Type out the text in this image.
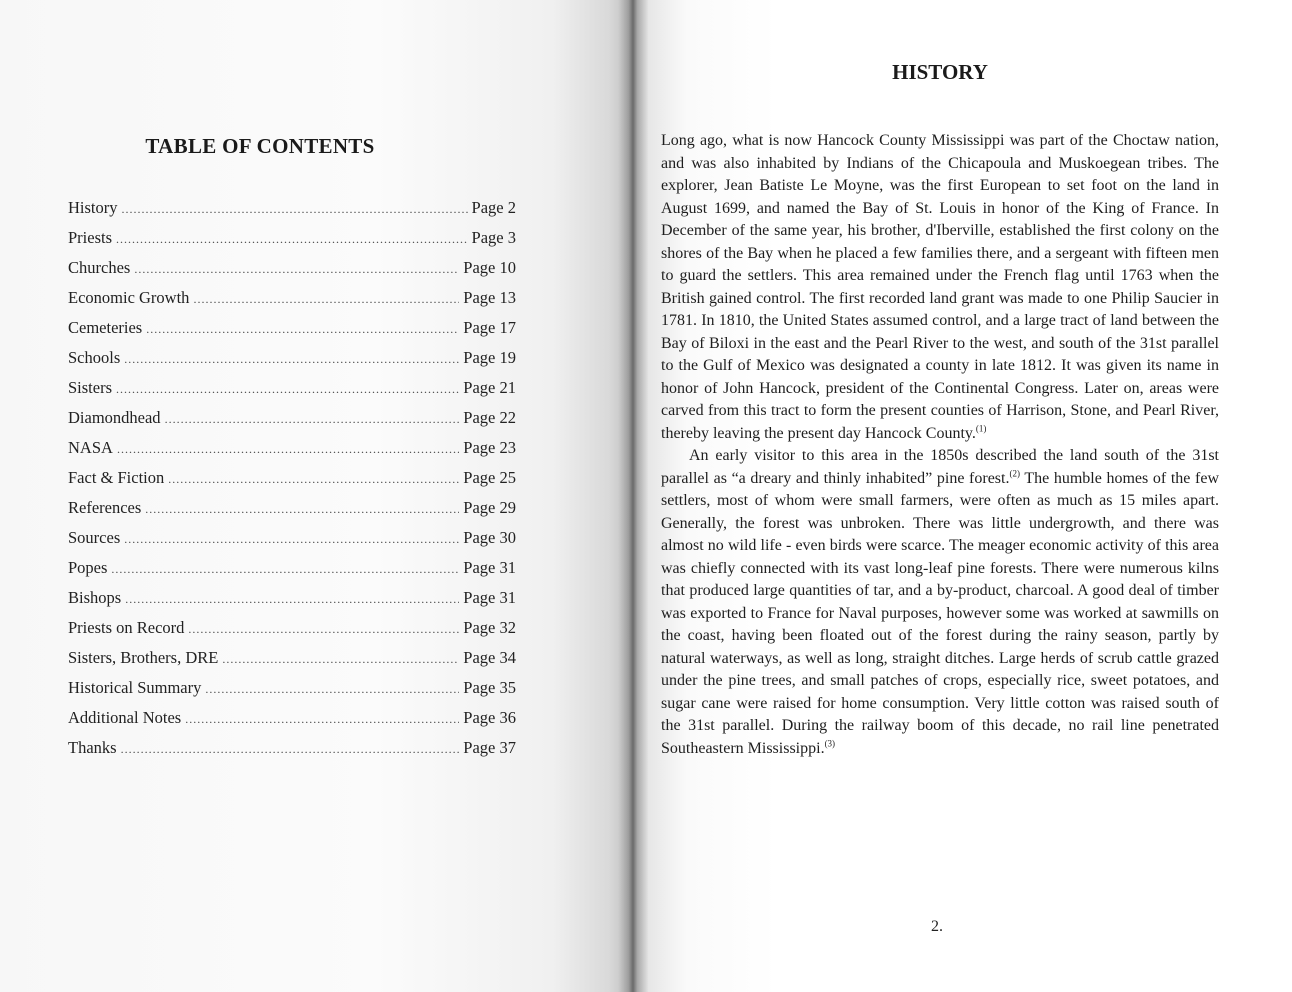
TABLE OF CONTENTS
History .....	Page 2
Priests .....	Page 3
Churches .....	Page 10
Economic Growth .....	Page 13
Cemeteries .....	Page 17
Schools .....	Page 19
Sisters .....	Page 21
Diamondhead .....	Page 22
NASA .....	Page 23
Fact & Fiction .....	Page 25
References .....	Page 29
Sources .....	Page 30
Popes .....	Page 31
Bishops .....	Page 31
Priests on Record .....	Page 32
Sisters, Brothers, DRE .....	Page 34
Historical Summary .....	Page 35
Additional Notes .....	Page 36
Thanks .....	Page 37
HISTORY

Long ago, what is now Hancock County Mississippi was part of the Choctaw nation, and was also inhabited by Indians of the Chicapoula and Muskoegean tribes. The explorer, Jean Batiste Le Moyne, was the first European to set foot on the land in August 1699, and named the Bay of St. Louis in honor of the King of France. In December of the same year, his brother, d'Iberville, established the first colony on the shores of the Bay when he placed a few families there, and a sergeant with fifteen men to guard the settlers. This area remained under the French flag until 1763 when the British gained control. The first recorded land grant was made to one Philip Saucier in 1781. In 1810, the United States assumed control, and a large tract of land between the Bay of Biloxi in the east and the Pearl River to the west, and south of the 31st parallel to the Gulf of Mexico was designated a county in late 1812. It was given its name in honor of John Hancock, president of the Continental Congress. Later on, areas were carved from this tract to form the present counties of Harrison, Stone, and Pearl River, thereby leaving the present day Hancock County.$^{(1)}$

An early visitor to this area in the 1850s described the land south of the 31st parallel as “a dreary and thinly inhabited” pine forest.$^{(2)}$ The humble homes of the few settlers, most of whom were small farmers, were often as much as 15 miles apart. Generally, the forest was unbroken. There was little undergrowth, and there was almost no wild life - even birds were scarce. The meager economic activity of this area was chiefly connected with its vast long-leaf pine forests. There were numerous kilns that produced large quantities of tar, and a by-product, charcoal. A good deal of timber was exported to France for Naval purposes, however some was worked at sawmills on the coast, having been floated out of the forest during the rainy season, partly by natural waterways, as well as long, straight ditches. Large herds of scrub cattle grazed under the pine trees, and small patches of crops, especially rice, sweet potatoes, and sugar cane were raised for home consumption. Very little cotton was raised south of the 31st parallel. During the railway boom of this decade, no rail line penetrated Southeastern Mississippi.$^{(3)}$

2.
